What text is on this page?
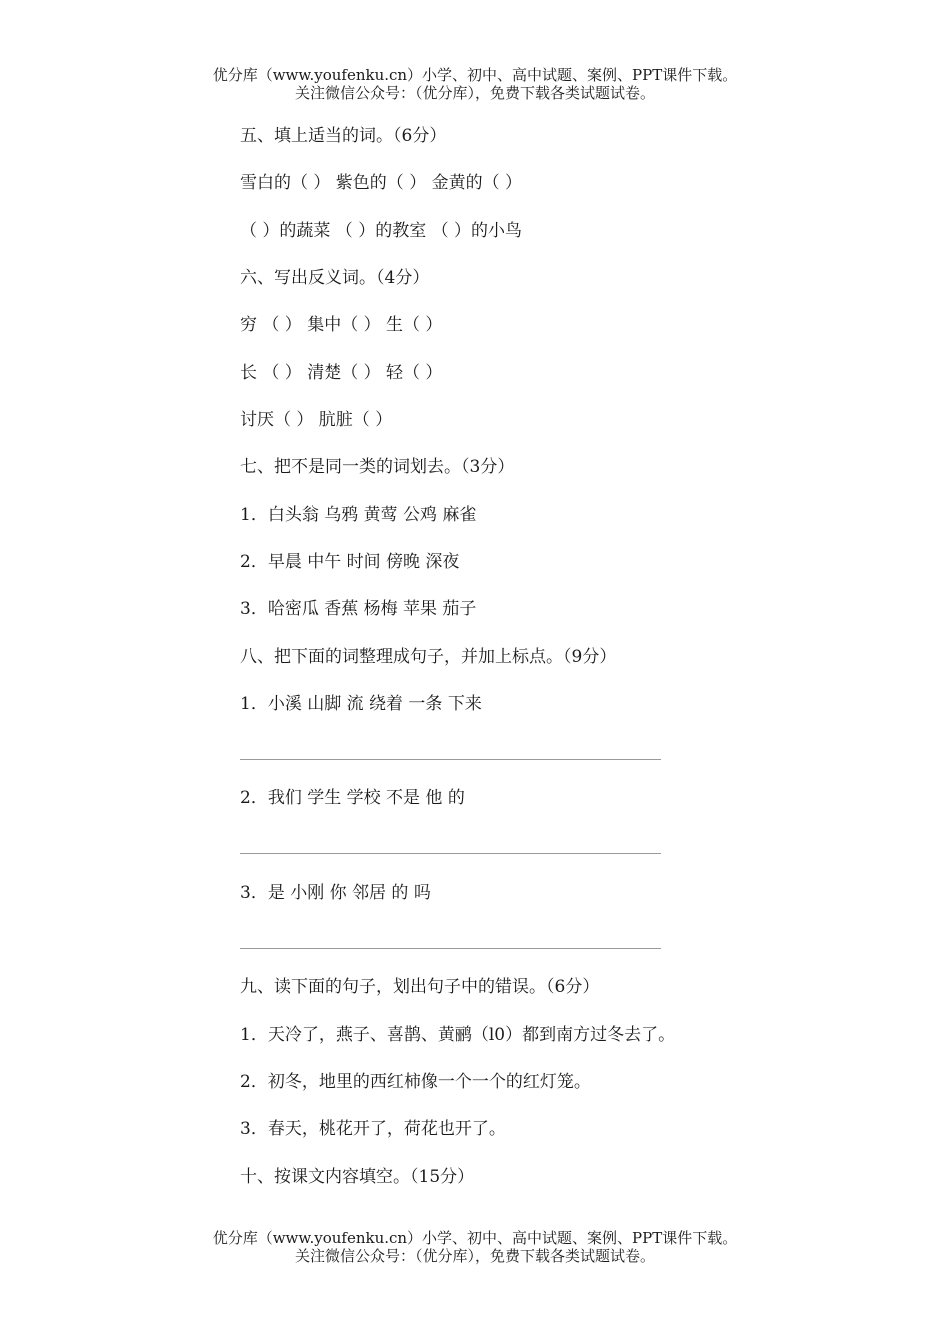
优分库（www.youfenku.cn）小学、初中、高中试题、案例、PPT课件下载。
关注微信公众号：（优分库），免费下载各类试题试卷。
五、填上适当的词。（6分）
雪白的（ ） 紫色的（ ） 金黄的（ ）
（ ）的蔬菜 （ ）的教室 （ ）的小鸟
六、写出反义词。（4分）
穷 （ ） 集中（ ） 生（ ）
长 （ ） 清楚（ ） 轻（ ）
讨厌（ ） 肮脏（ ）
七、把不是同一类的词划去。（3分）
1．白头翁 乌鸦 黄莺 公鸡 麻雀
2．早晨 中午 时间 傍晚 深夜
3．哈密瓜 香蕉 杨梅 苹果 茄子
八、把下面的词整理成句子，并加上标点。（9分）
1．小溪 山脚 流 绕着 一条 下来
2．我们 学生 学校 不是 他 的
3．是 小刚 你 邻居 的 吗
九、读下面的句子，划出句子中的错误。（6分）
1．天冷了，燕子、喜鹊、黄鹂（l0）都到南方过冬去了。
2．初冬，地里的西红柿像一个一个的红灯笼。
3．春天，桃花开了，荷花也开了。
十、按课文内容填空。（15分）
优分库（www.youfenku.cn）小学、初中、高中试题、案例、PPT课件下载。
关注微信公众号：（优分库），免费下载各类试题试卷。
